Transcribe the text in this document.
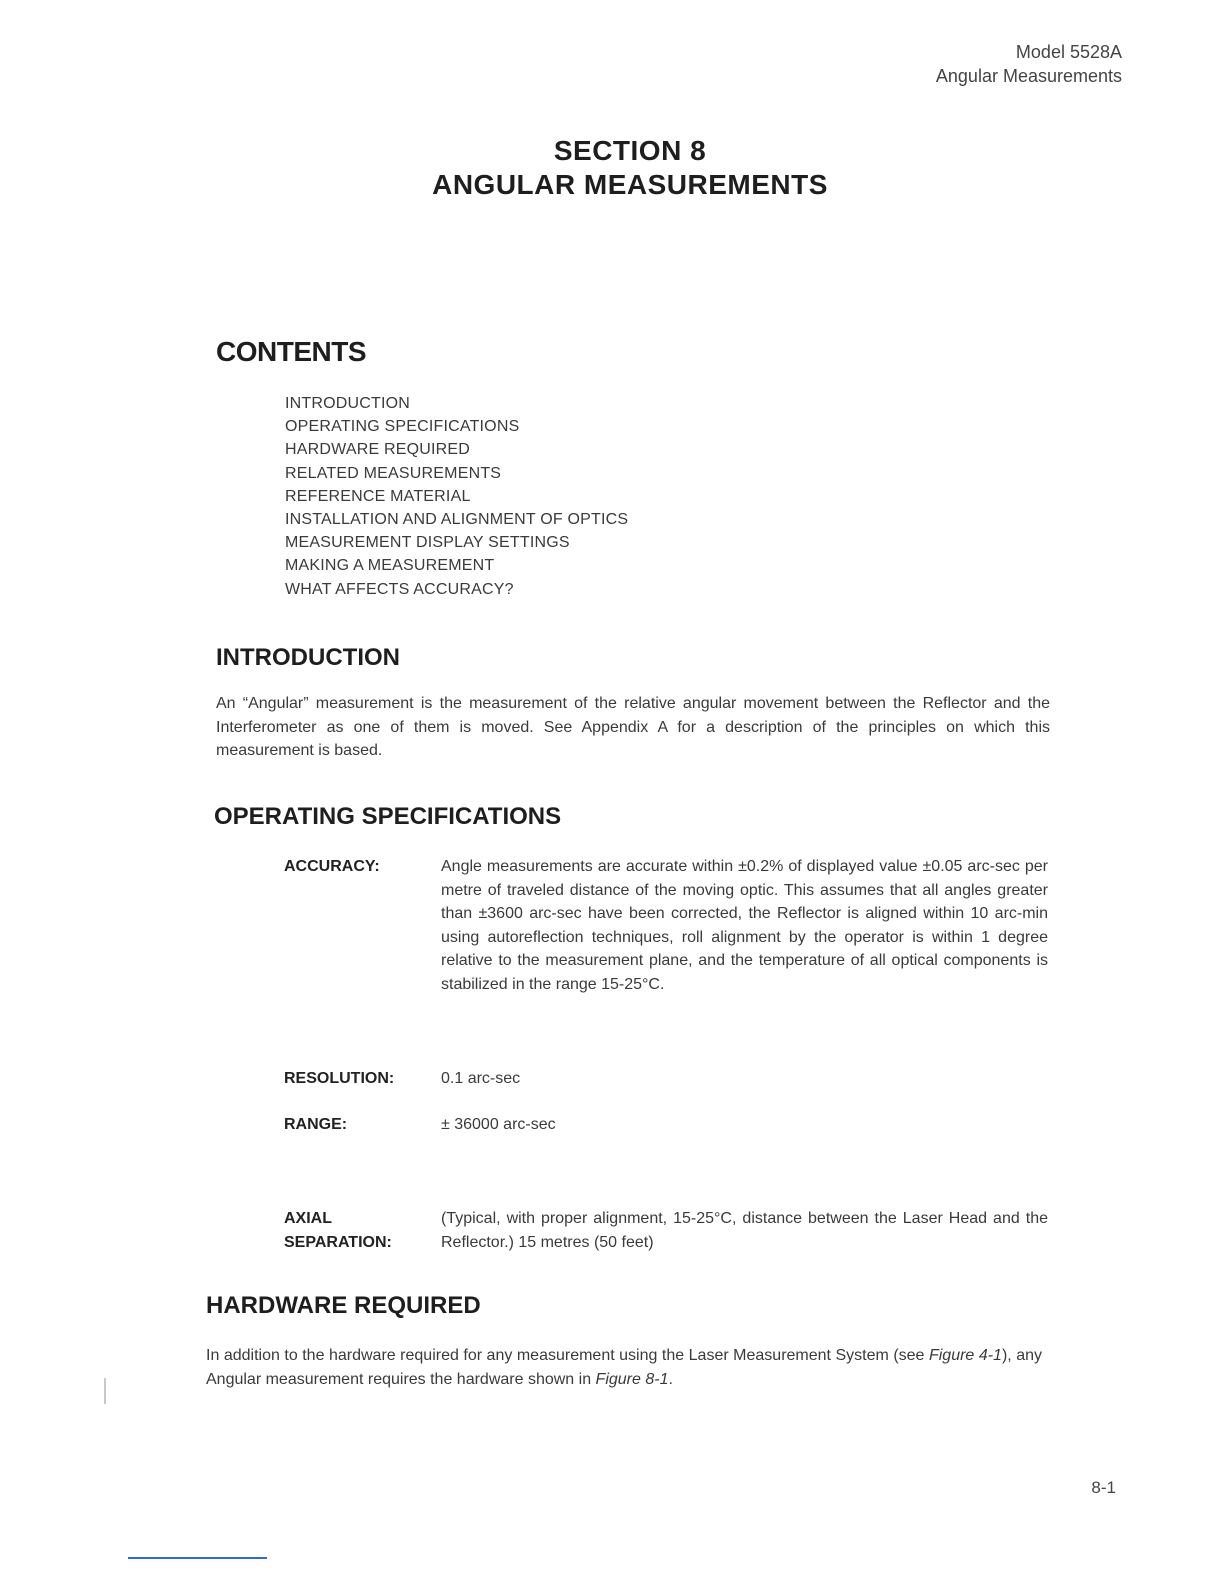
Model 5528A
Angular Measurements
SECTION 8
ANGULAR MEASUREMENTS
CONTENTS
INTRODUCTION
OPERATING SPECIFICATIONS
HARDWARE REQUIRED
RELATED MEASUREMENTS
REFERENCE MATERIAL
INSTALLATION AND ALIGNMENT OF OPTICS
MEASUREMENT DISPLAY SETTINGS
MAKING A MEASUREMENT
WHAT AFFECTS ACCURACY?
INTRODUCTION

An “Angular” measurement is the measurement of the relative angular movement between the Reflector and the Interferometer as one of them is moved. See Appendix A for a description of the principles on which this measurement is based.

OPERATING SPECIFICATIONS
ACCURACY:	Angle measurements are accurate within ±0.2% of displayed value ±0.05 arc-sec per metre of traveled distance of the moving optic. This assumes that all angles greater than ±3600 arc-sec have been corrected, the Reflector is aligned within 10 arc-min using autoreflection techniques, roll alignment by the operator is within 1 degree relative to the measurement plane, and the temperature of all optical components is stabilized in the range 15-25°C.

RESOLUTION:	0.1 arc-sec

RANGE:	± 36000 arc-sec

AXIAL
SEPARATION:

(Typical, with proper alignment, 15-25°C, distance between the Laser Head and the Reflector.) 15 metres (50 feet)

HARDWARE REQUIRED

In addition to the hardware required for any measurement using the Laser Measurement System (see Figure 4-1), any Angular measurement requires the hardware shown in Figure 8-1.

8-1
